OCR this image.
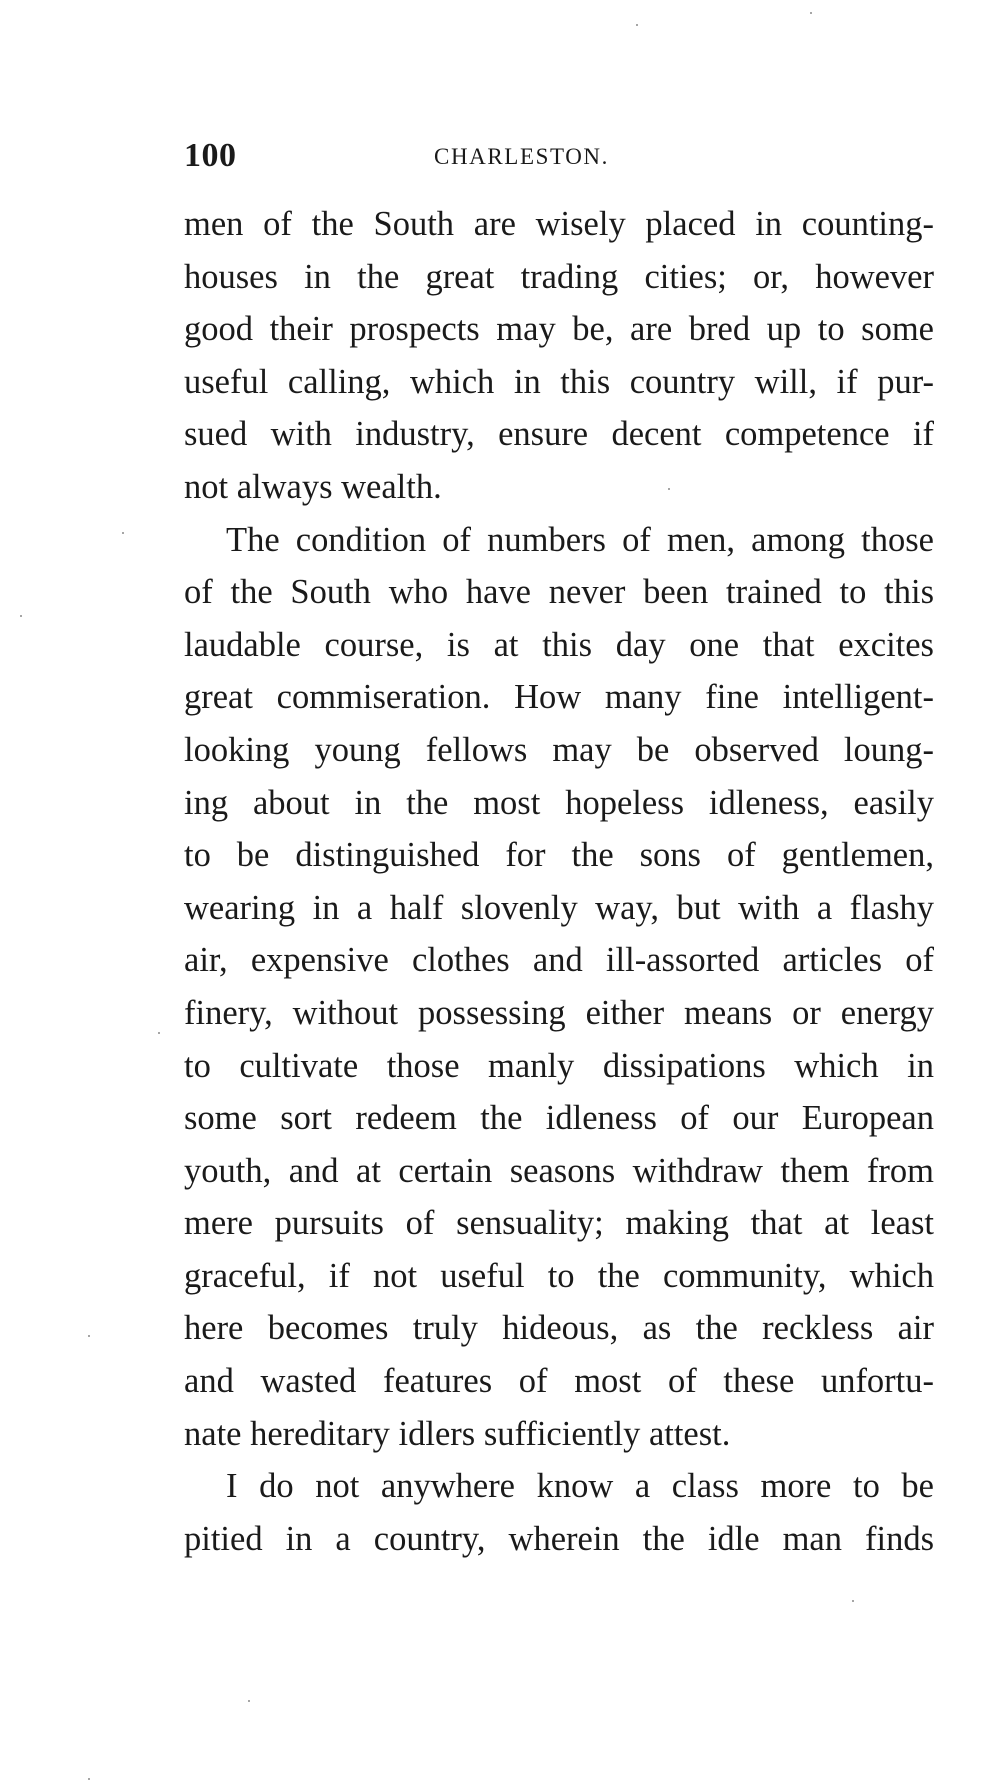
100	CHARLESTON.
men of the South are wisely placed in counting-
houses in the great trading cities; or, however
good their prospects may be, are bred up to some
useful calling, which in this country will, if pur-
sued with industry, ensure decent competence if
not always wealth.
The condition of numbers of men, among those
of the South who have never been trained to this
laudable course, is at this day one that excites
great commiseration. How many fine intelligent-
looking young fellows may be observed loung-
ing about in the most hopeless idleness, easily
to be distinguished for the sons of gentlemen,
wearing in a half slovenly way, but with a flashy
air, expensive clothes and ill-assorted articles of
finery, without possessing either means or energy
to cultivate those manly dissipations which in
some sort redeem the idleness of our European
youth, and at certain seasons withdraw them from
mere pursuits of sensuality; making that at least
graceful, if not useful to the community, which
here becomes truly hideous, as the reckless air
and wasted features of most of these unfortu-
nate hereditary idlers sufficiently attest.
I do not anywhere know a class more to be
pitied in a country, wherein the idle man finds
